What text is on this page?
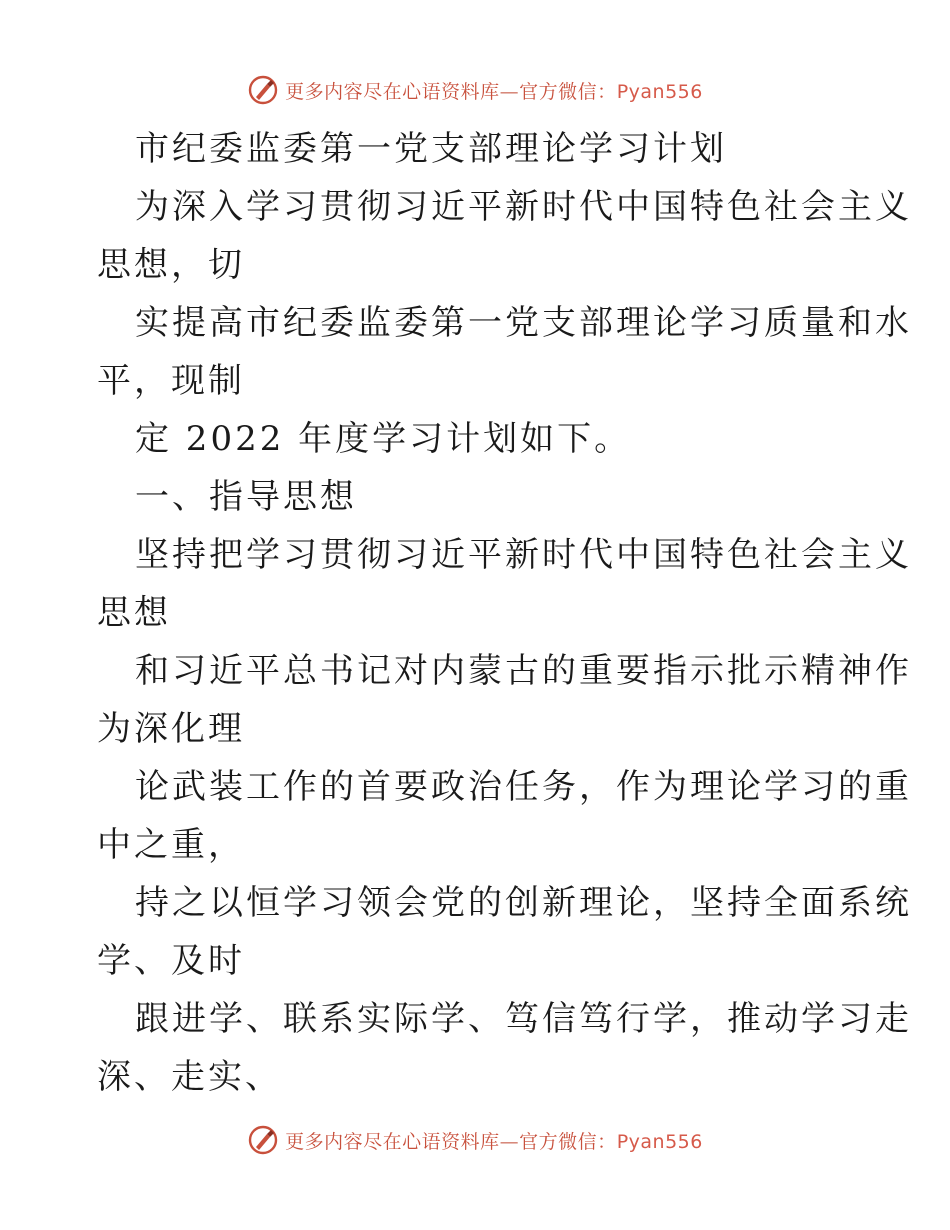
更多内容尽在心语资料库—官方微信：Pyan556
市纪委监委第一党支部理论学习计划
为深入学习贯彻习近平新时代中国特色社会主义
思想，切
实提高市纪委监委第一党支部理论学习质量和水
平，现制
定 2022 年度学习计划如下。
一、指导思想
坚持把学习贯彻习近平新时代中国特色社会主义
思想
和习近平总书记对内蒙古的重要指示批示精神作
为深化理
论武装工作的首要政治任务，作为理论学习的重
中之重，
持之以恒学习领会党的创新理论，坚持全面系统
学、及时
跟进学、联系实际学、笃信笃行学，推动学习走
深、走实、
更多内容尽在心语资料库—官方微信：Pyan556
